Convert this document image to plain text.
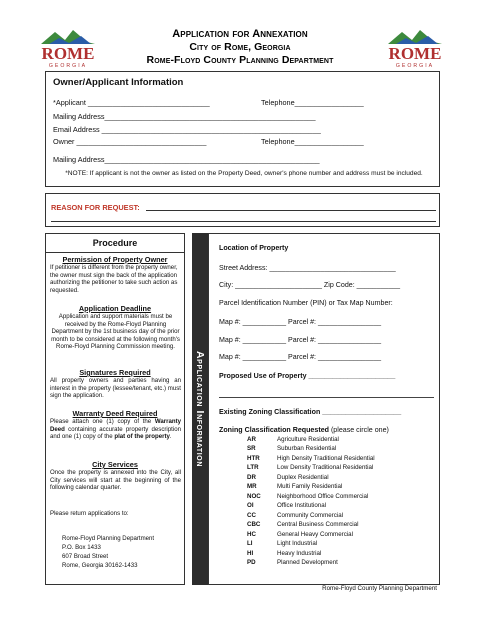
ROME
GEORGIA
ROME
GEORGIA
Application for Annexation
City of Rome, Georgia
Rome-Floyd County Planning Department
Owner/Applicant Information
*Applicant ______________________________	Telephone_________________
Mailing Address____________________________________________________
Email Address ______________________________________________________
Owner ________________________________	Telephone_________________
Mailing Address_____________________________________________________
*NOTE: If applicant is not the owner as listed on the Property Deed, owner's phone number and address must be included.
REASON FOR REQUEST:
Procedure
Permission of Property Owner
If petitioner is different from the property owner, the owner must sign the back of the application authorizing the petitioner to take such action as requested.
Application Deadline
Application and support materials must be received by the Rome-Floyd Planning Department by the 1st business day of the prior month to be considered at the following month's Rome-Floyd Planning Commission meeting.
Signatures Required
All property owners and parties having an interest in the property (lessee/tenant, etc.) must sign the application.
Warranty Deed Required
Please attach one (1) copy of the Warranty Deed containing accurate property description and one (1) copy of the plat of the property.
City Services
Once the property is annexed into the City, all City services will start at the beginning of the following calendar quarter.
Please return applications to:
Rome-Floyd Planning Department
P.O. Box 1433
607 Broad Street
Rome, Georgia 30162-1433
Application Information
Location of Property
Street Address: ________________________________
City: ______________________ Zip Code: ___________
Parcel Identification Number (PIN) or Tax Map Number:
Map #: ___________ Parcel #: ________________
Map #: ___________ Parcel #: ________________
Map #: ___________ Parcel #: ________________
Proposed Use of Property ______________________
Existing Zoning Classification ____________________
Zoning Classification Requested (please circle one)
AR	Agriculture Residential
SR	Suburban Residential
HTR	High Density Traditional Residential
LTR	Low Density Traditional Residential
DR	Duplex Residential
MR	Multi Family Residential
NOC	Neighborhood Office Commercial
OI	Office Institutional
CC	Community Commercial
CBC	Central Business Commercial
HC	General Heavy Commercial
LI	Light Industrial
HI	Heavy Industrial
PD	Planned Development
Rome-Floyd County Planning Department
